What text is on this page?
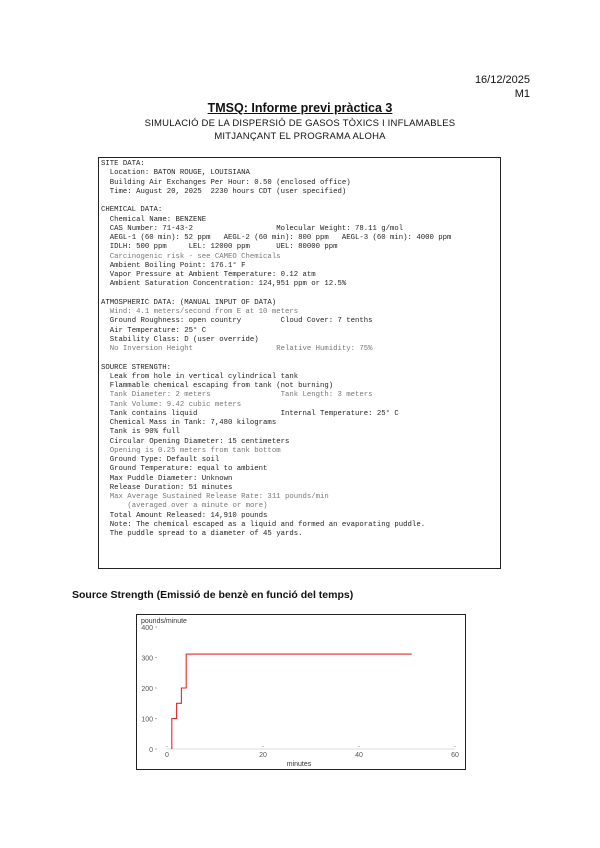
16/12/2025
M1
TMSQ: Informe previ pràctica 3
SIMULACIÓ DE LA DISPERSIÓ DE GASOS TÒXICS I INFLAMABLES
MITJANÇANT EL PROGRAMA ALOHA
SITE DATA:
Location: BATON ROUGE, LOUISIANA
Building Air Exchanges Per Hour: 0.50 (enclosed office)
Time: August 20, 2025  2230 hours CDT (user specified)
CHEMICAL DATA:
Chemical Name: BENZENE
CAS Number: 71-43-2                   Molecular Weight: 78.11 g/mol
AEGL-1 (60 min): 52 ppm   AEGL-2 (60 min): 800 ppm   AEGL-3 (60 min): 4000 ppm
IDLH: 500 ppm     LEL: 12000 ppm      UEL: 80000 ppm
Carcinogenic risk - see CAMEO Chemicals
Ambient Boiling Point: 176.1° F
Vapor Pressure at Ambient Temperature: 0.12 atm
Ambient Saturation Concentration: 124,951 ppm or 12.5%
ATMOSPHERIC DATA: (MANUAL INPUT OF DATA)
Wind: 4.1 meters/second from E at 10 meters
Ground Roughness: open country         Cloud Cover: 7 tenths
Air Temperature: 25° C
Stability Class: D (user override)
No Inversion Height                   Relative Humidity: 75%
SOURCE STRENGTH:
Leak from hole in vertical cylindrical tank
Flammable chemical escaping from tank (not burning)
Tank Diameter: 2 meters                Tank Length: 3 meters
Tank Volume: 9.42 cubic meters
Tank contains liquid                   Internal Temperature: 25° C
Chemical Mass in Tank: 7,480 kilograms
Tank is 90% full
Circular Opening Diameter: 15 centimeters
Opening is 0.25 meters from tank bottom
Ground Type: Default soil
Ground Temperature: equal to ambient
Max Puddle Diameter: Unknown
Release Duration: 51 minutes
Max Average Sustained Release Rate: 311 pounds/min
(averaged over a minute or more)
Total Amount Released: 14,910 pounds
Note: The chemical escaped as a liquid and formed an evaporating puddle.
The puddle spread to a diameter of 45 yards.
Source Strength (Emissió de benzè en funció del temps)
pounds/minute
0
100
200
300
400
0	20	40	60
minutes
